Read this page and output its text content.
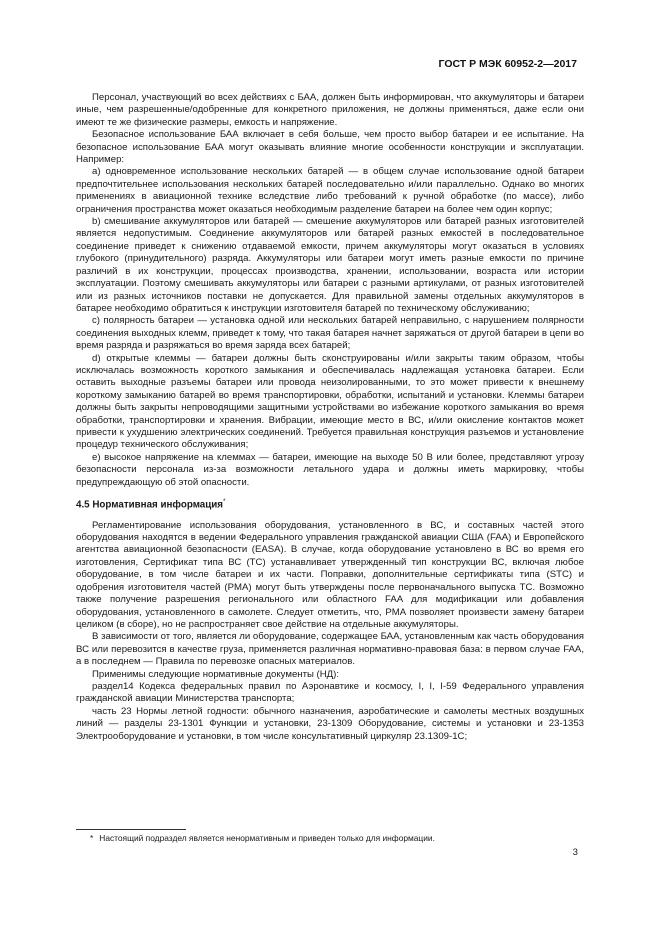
ГОСТ Р МЭК 60952-2—2017

Персонал, участвующий во всех действиях с БАА, должен быть информирован, что аккумуляторы и батареи иные, чем разрешенные/одобренные для конкретного приложения, не должны применяться, даже если они имеют те же физические размеры, емкость и напряжение.

Безопасное использование БАА включает в себя больше, чем просто выбор батареи и ее испытание. На безопасное использование БАА могут оказывать влияние многие особенности конструкции и эксплуатации. Например:

а) одновременное использование нескольких батарей — в общем случае использование одной батареи предпочтительнее использования нескольких батарей последовательно и/или параллельно. Однако во многих применениях в авиационной технике вследствие либо требований к ручной обработке (по массе), либо ограничения пространства может оказаться необходимым разделение батареи на более чем один корпус;

b) смешивание аккумуляторов или батарей — смешение аккумуляторов или батарей разных изготовителей является недопустимым. Соединение аккумуляторов или батарей разных емкостей в последовательное соединение приведет к снижению отдаваемой емкости, причем аккумуляторы могут оказаться в условиях глубокого (принудительного) разряда. Аккумуляторы или батареи могут иметь разные емкости по причине различий в их конструкции, процессах производства, хранении, использовании, возраста или истории эксплуатации. Поэтому смешивать аккумуляторы или батареи с разными артикулами, от разных изготовителей или из разных источников поставки не допускается. Для правильной замены отдельных аккумуляторов в батарее необходимо обратиться к инструкции изготовителя батарей по техническому обслуживанию;

с) полярность батареи — установка одной или нескольких батарей неправильно, с нарушением полярности соединения выходных клемм, приведет к тому, что такая батарея начнет заряжаться от другой батареи в цепи во время разряда и разряжаться во время заряда всех батарей;

d) открытые клеммы — батареи должны быть сконструированы и/или закрыты таким образом, чтобы исключалась возможность короткого замыкания и обеспечивалась надлежащая установка батареи. Если оставить выходные разъемы батареи или провода неизолированными, то это может привести к внешнему короткому замыканию батарей во время транспортировки, обработки, испытаний и установки. Клеммы батареи должны быть закрыты непроводящими защитными устройствами во избежание короткого замыкания во время обработки, транспортировки и хранения. Вибрации, имеющие место в ВС, и/или окисление контактов может привести к ухудшению электрических соединений. Требуется правильная конструкция разъемов и установление процедур технического обслуживания;

е) высокое напряжение на клеммах — батареи, имеющие на выходе 50 В или более, представляют угрозу безопасности персонала из-за возможности летального удара и должны иметь маркировку, чтобы предупреждающую об этой опасности.

4.5 Нормативная информация*

Регламентирование использования оборудования, установленного в ВС, и составных частей этого оборудования находятся в ведении Федерального управления гражданской авиации США (FAA) и Европейского агентства авиационной безопасности (EASA). В случае, когда оборудование установлено в ВС во время его изготовления, Сертификат типа ВС (ТС) устанавливает утвержденный тип конструкции ВС, включая любое оборудование, в том числе батареи и их части. Поправки, дополнительные сертификаты типа (STC) и одобрения изготовителя частей (PMA) могут быть утверждены после первоначального выпуска ТС. Возможно также получение разрешения регионального или областного FAA для модификации или добавления оборудования, установленного в самолете. Следует отметить, что, PMA позволяет произвести замену батареи целиком (в сборе), но не распространяет свое действие на отдельные аккумуляторы.

В зависимости от того, является ли оборудование, содержащее БАА, установленным как часть оборудования ВС или перевозится в качестве груза, применяется различная нормативно-правовая база: в первом случае FAA, а в последнем — Правила по перевозке опасных материалов.

Применимы следующие нормативные документы (НД):

раздел14 Кодекса федеральных правил по Аэронавтике и космосу, I, I, I-59 Федерального управления гражданской авиации Министерства транспорта;

часть 23 Нормы летной годности: обычного назначения, аэробатические и самолеты местных воздушных линий — разделы 23-1301 Функции и установки, 23-1309 Оборудование, системы и установки и 23-1353 Электрооборудование и установки, в том числе консультативный циркуляр 23.1309-1С;

* Настоящий подраздел является ненормативным и приведен только для информации.
3
